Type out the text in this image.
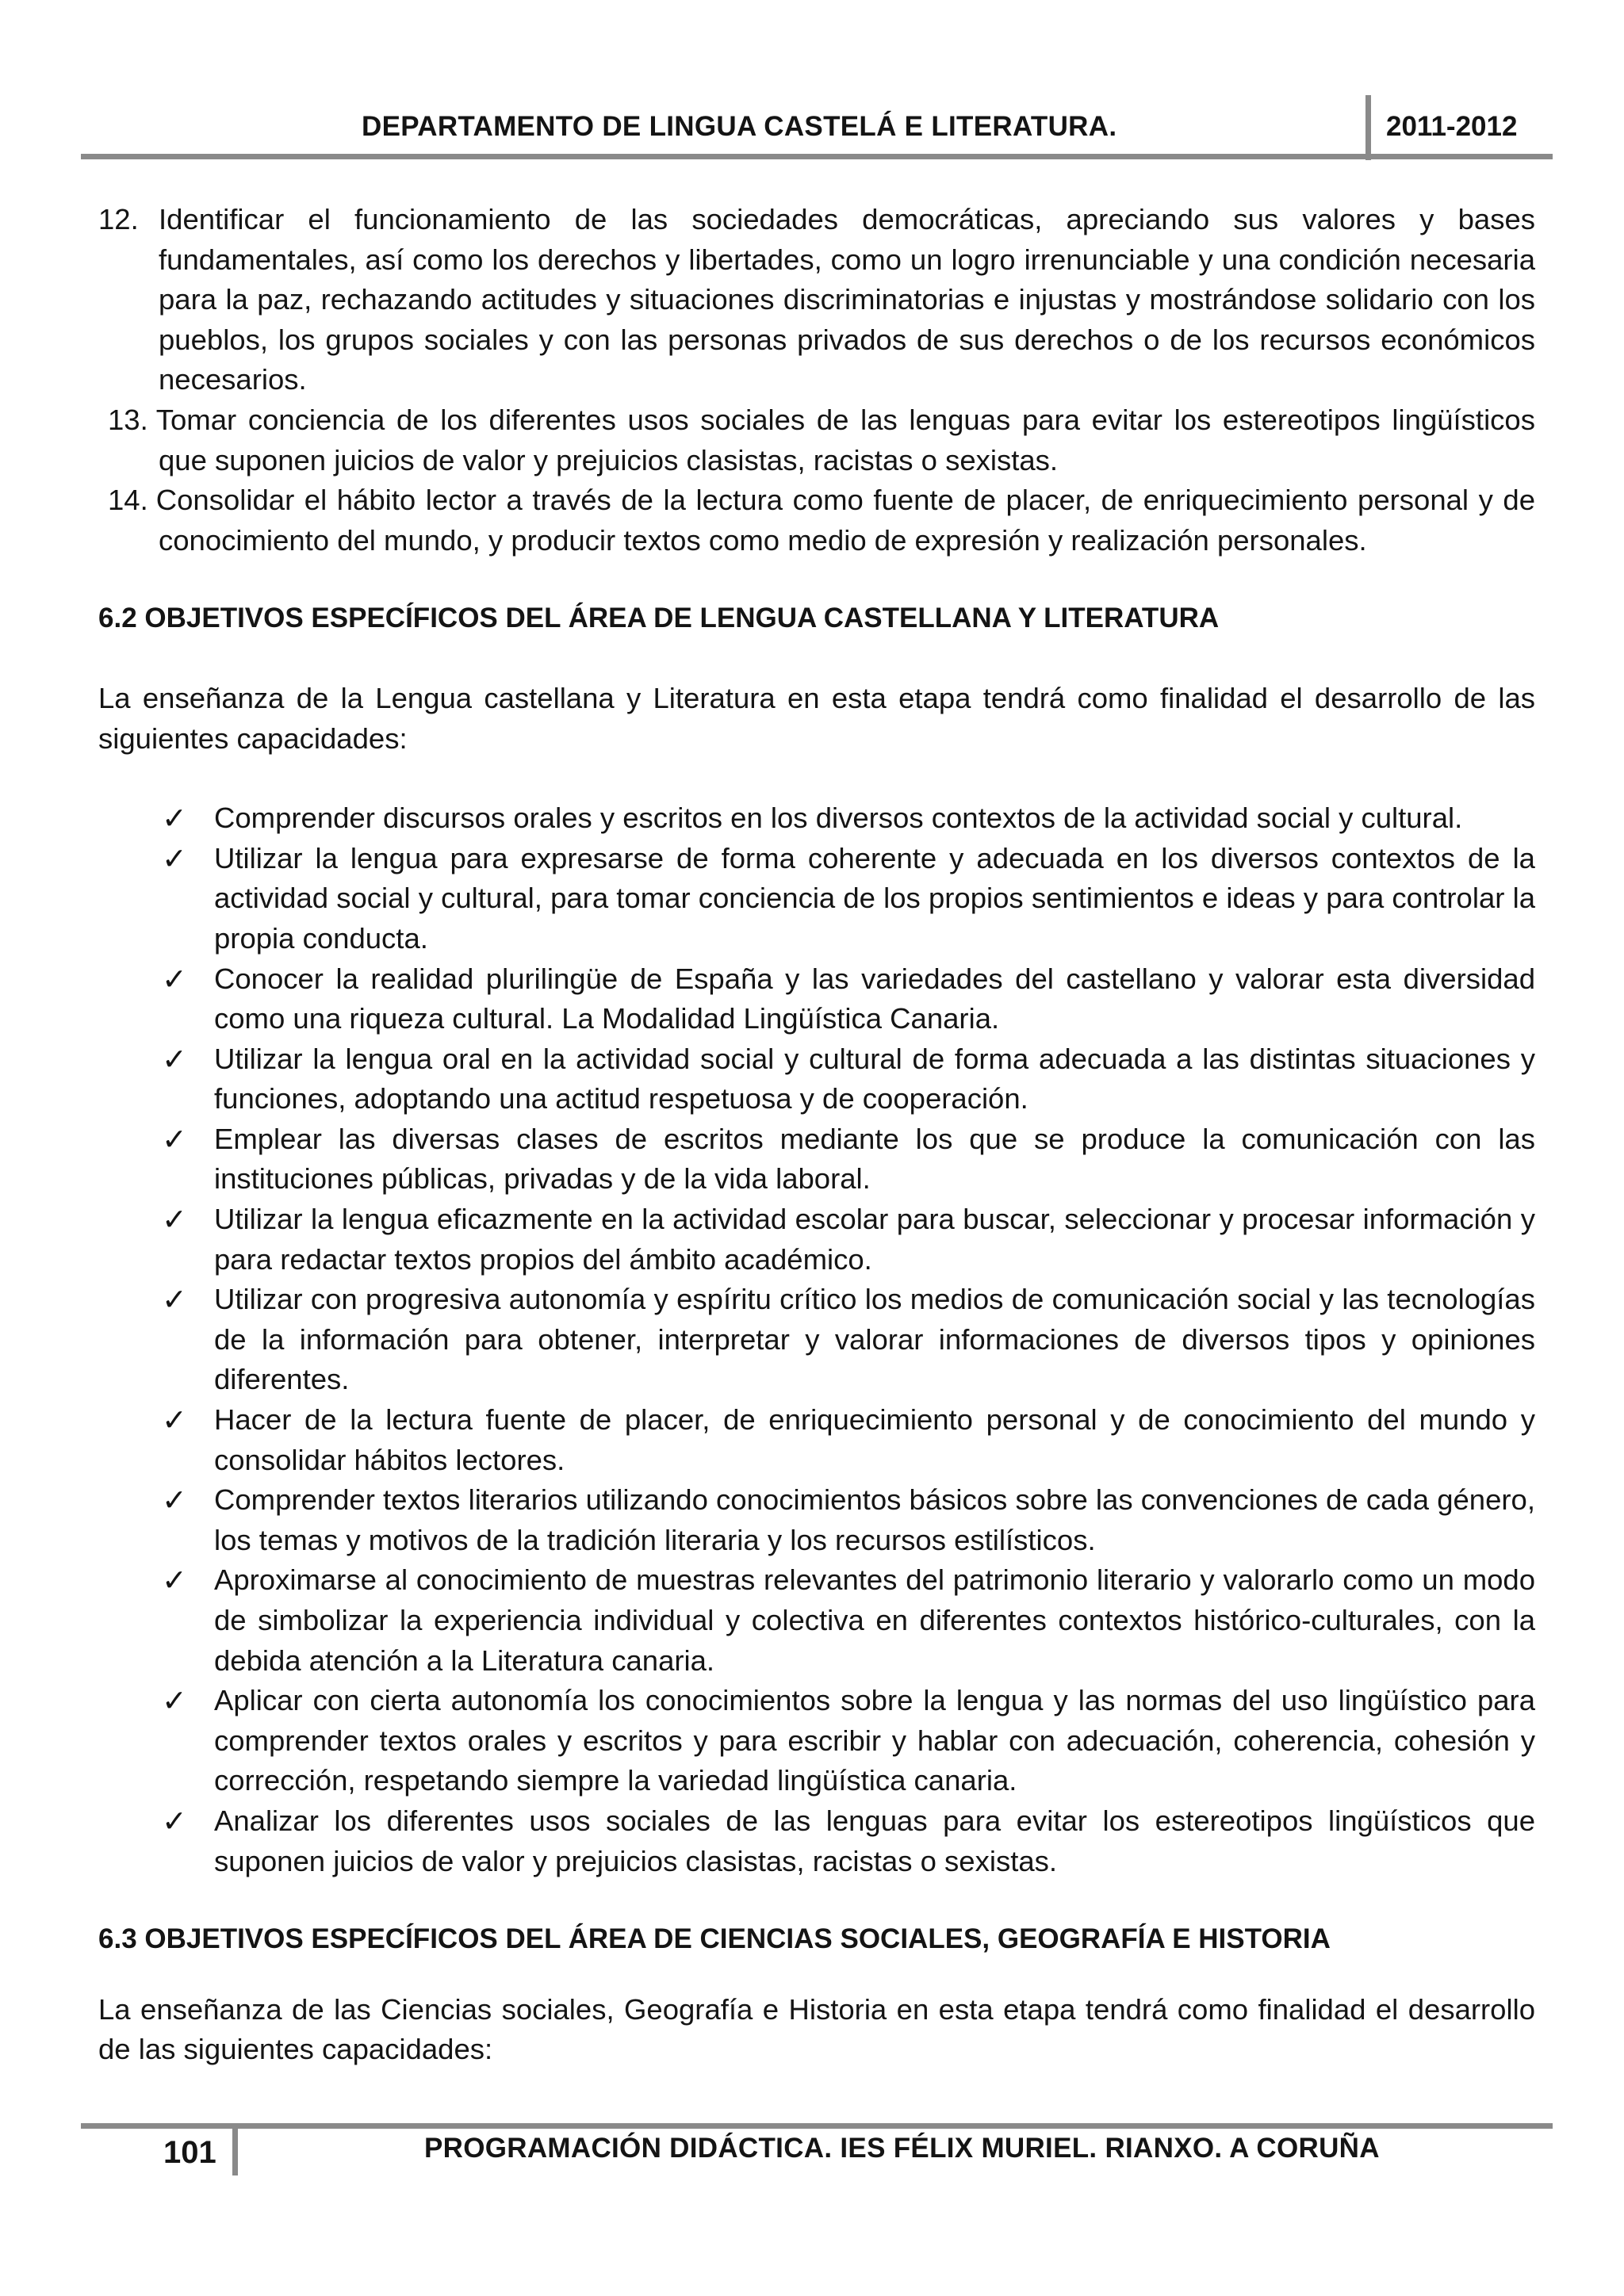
DEPARTAMENTO DE LINGUA CASTELÁ E LITERATURA.	2011-2012
12. Identificar el funcionamiento de las sociedades democráticas, apreciando sus valores y bases fundamentales, así como los derechos y libertades, como un logro irrenunciable y una condición necesaria para la paz, rechazando actitudes y situaciones discriminatorias e injustas y mostrándose solidario con los pueblos, los grupos sociales y con las personas privados de sus derechos o de los recursos económicos necesarios.
13. Tomar conciencia de los diferentes usos sociales de las lenguas para evitar los estereotipos lingüísticos que suponen juicios de valor y prejuicios clasistas, racistas o sexistas.
14. Consolidar el hábito lector a través de la lectura como fuente de placer, de enriquecimiento personal y de conocimiento del mundo, y producir textos como medio de expresión y realización personales.
6.2 OBJETIVOS ESPECÍFICOS DEL ÁREA DE LENGUA CASTELLANA Y LITERATURA

La enseñanza de la Lengua castellana y Literatura en esta etapa tendrá como finalidad el desarrollo de las siguientes capacidades:

✓ Comprender discursos orales y escritos en los diversos contextos de la actividad social y cultural.
✓ Utilizar la lengua para expresarse de forma coherente y adecuada en los diversos contextos de la actividad social y cultural, para tomar conciencia de los propios sentimientos e ideas y para controlar la propia conducta.
✓ Conocer la realidad plurilingüe de España y las variedades del castellano y valorar esta diversidad como una riqueza cultural. La Modalidad Lingüística Canaria.
✓ Utilizar la lengua oral en la actividad social y cultural de forma adecuada a las distintas situaciones y funciones, adoptando una actitud respetuosa y de cooperación.
✓ Emplear las diversas clases de escritos mediante los que se produce la comunicación con las instituciones públicas, privadas y de la vida laboral.
✓ Utilizar la lengua eficazmente en la actividad escolar para buscar, seleccionar y procesar información y para redactar textos propios del ámbito académico.
✓ Utilizar con progresiva autonomía y espíritu crítico los medios de comunicación social y las tecnologías de la información para obtener, interpretar y valorar informaciones de diversos tipos y opiniones diferentes.
✓ Hacer de la lectura fuente de placer, de enriquecimiento personal y de conocimiento del mundo y consolidar hábitos lectores.
✓ Comprender textos literarios utilizando conocimientos básicos sobre las convenciones de cada género, los temas y motivos de la tradición literaria y los recursos estilísticos.
✓ Aproximarse al conocimiento de muestras relevantes del patrimonio literario y valorarlo como un modo de simbolizar la experiencia individual y colectiva en diferentes contextos histórico-culturales, con la debida atención a la Literatura canaria.
✓ Aplicar con cierta autonomía los conocimientos sobre la lengua y las normas del uso lingüístico para comprender textos orales y escritos y para escribir y hablar con adecuación, coherencia, cohesión y corrección, respetando siempre la variedad lingüística canaria.
✓ Analizar los diferentes usos sociales de las lenguas para evitar los estereotipos lingüísticos que suponen juicios de valor y prejuicios clasistas, racistas o sexistas.
6.3 OBJETIVOS ESPECÍFICOS DEL ÁREA DE CIENCIAS SOCIALES, GEOGRAFÍA E HISTORIA

La enseñanza de las Ciencias sociales, Geografía e Historia en esta etapa tendrá como finalidad el desarrollo de las siguientes capacidades:

101	PROGRAMACIÓN DIDÁCTICA. IES FÉLIX MURIEL. RIANXO. A CORUÑA
